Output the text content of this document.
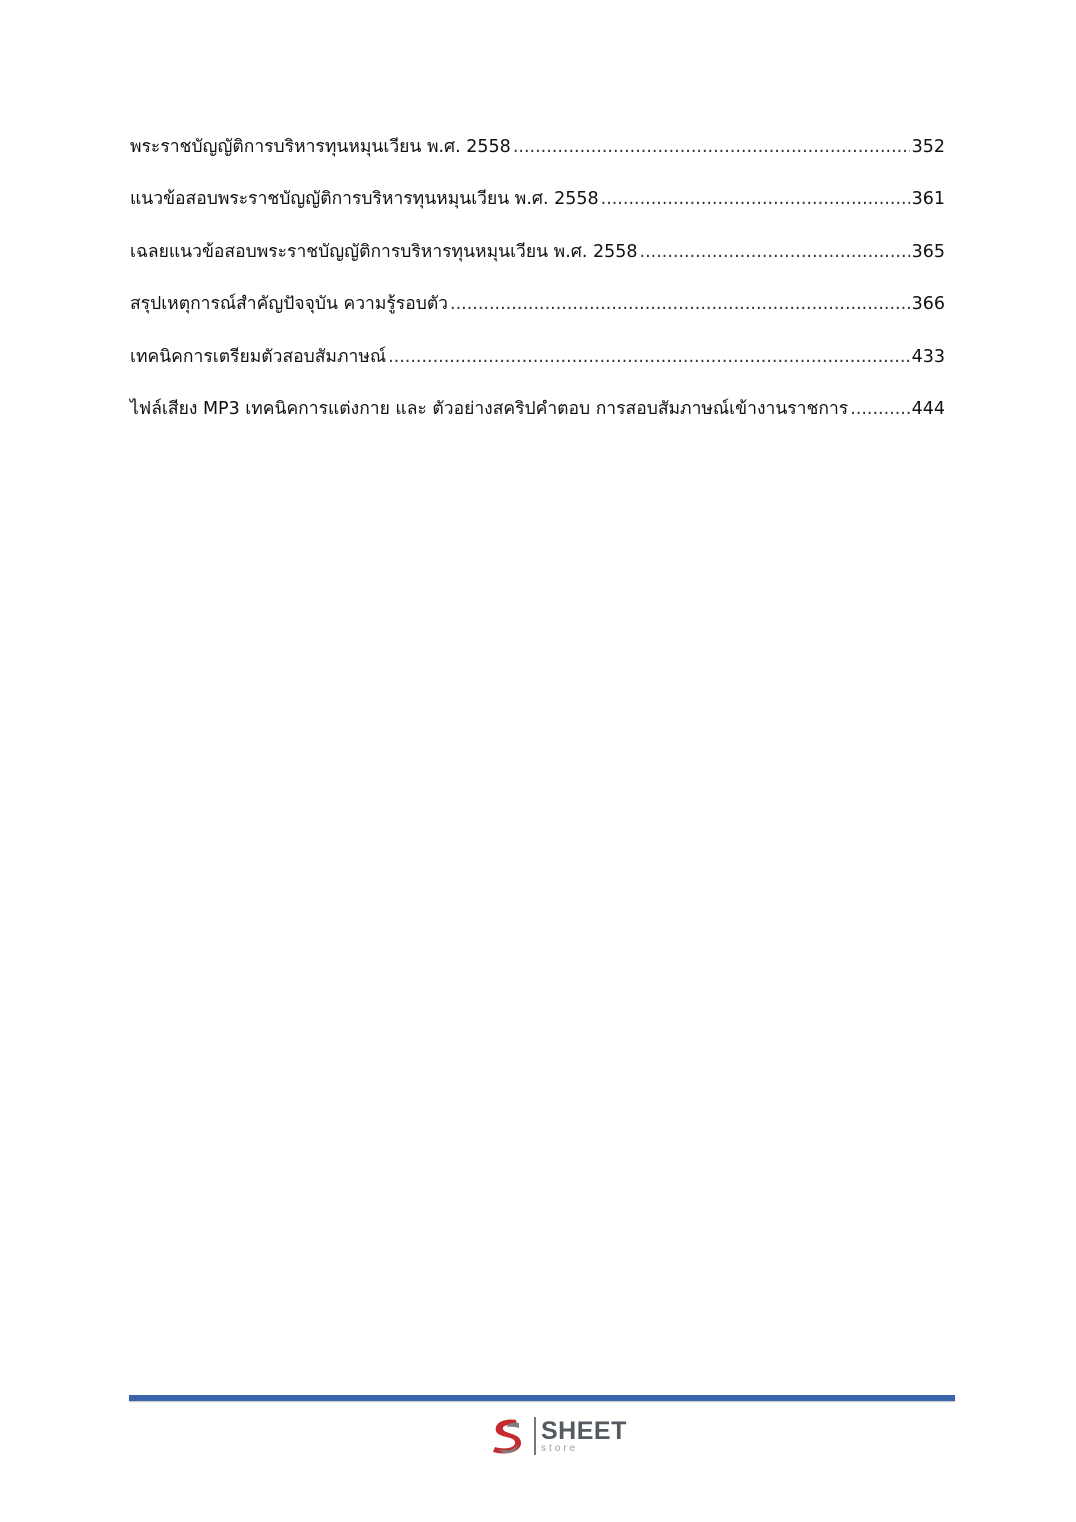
พระราชบัญญัติการบริหารทุนหมุนเวียน พ.ศ. 2558 .....	352
แนวข้อสอบพระราชบัญญัติการบริหารทุนหมุนเวียน พ.ศ. 2558 .....	361
เฉลยแนวข้อสอบพระราชบัญญัติการบริหารทุนหมุนเวียน พ.ศ. 2558 .....	365
สรุปเหตุการณ์สำคัญปัจจุบัน ความรู้รอบตัว .....	366
เทคนิคการเตรียมตัวสอบสัมภาษณ์ .....	433
ไฟล์เสียง MP3 เทคนิคการแต่งกาย และ ตัวอย่างสคริปคำตอบ การสอบสัมภาษณ์เข้างานราชการ .....	444
SHEET
store
